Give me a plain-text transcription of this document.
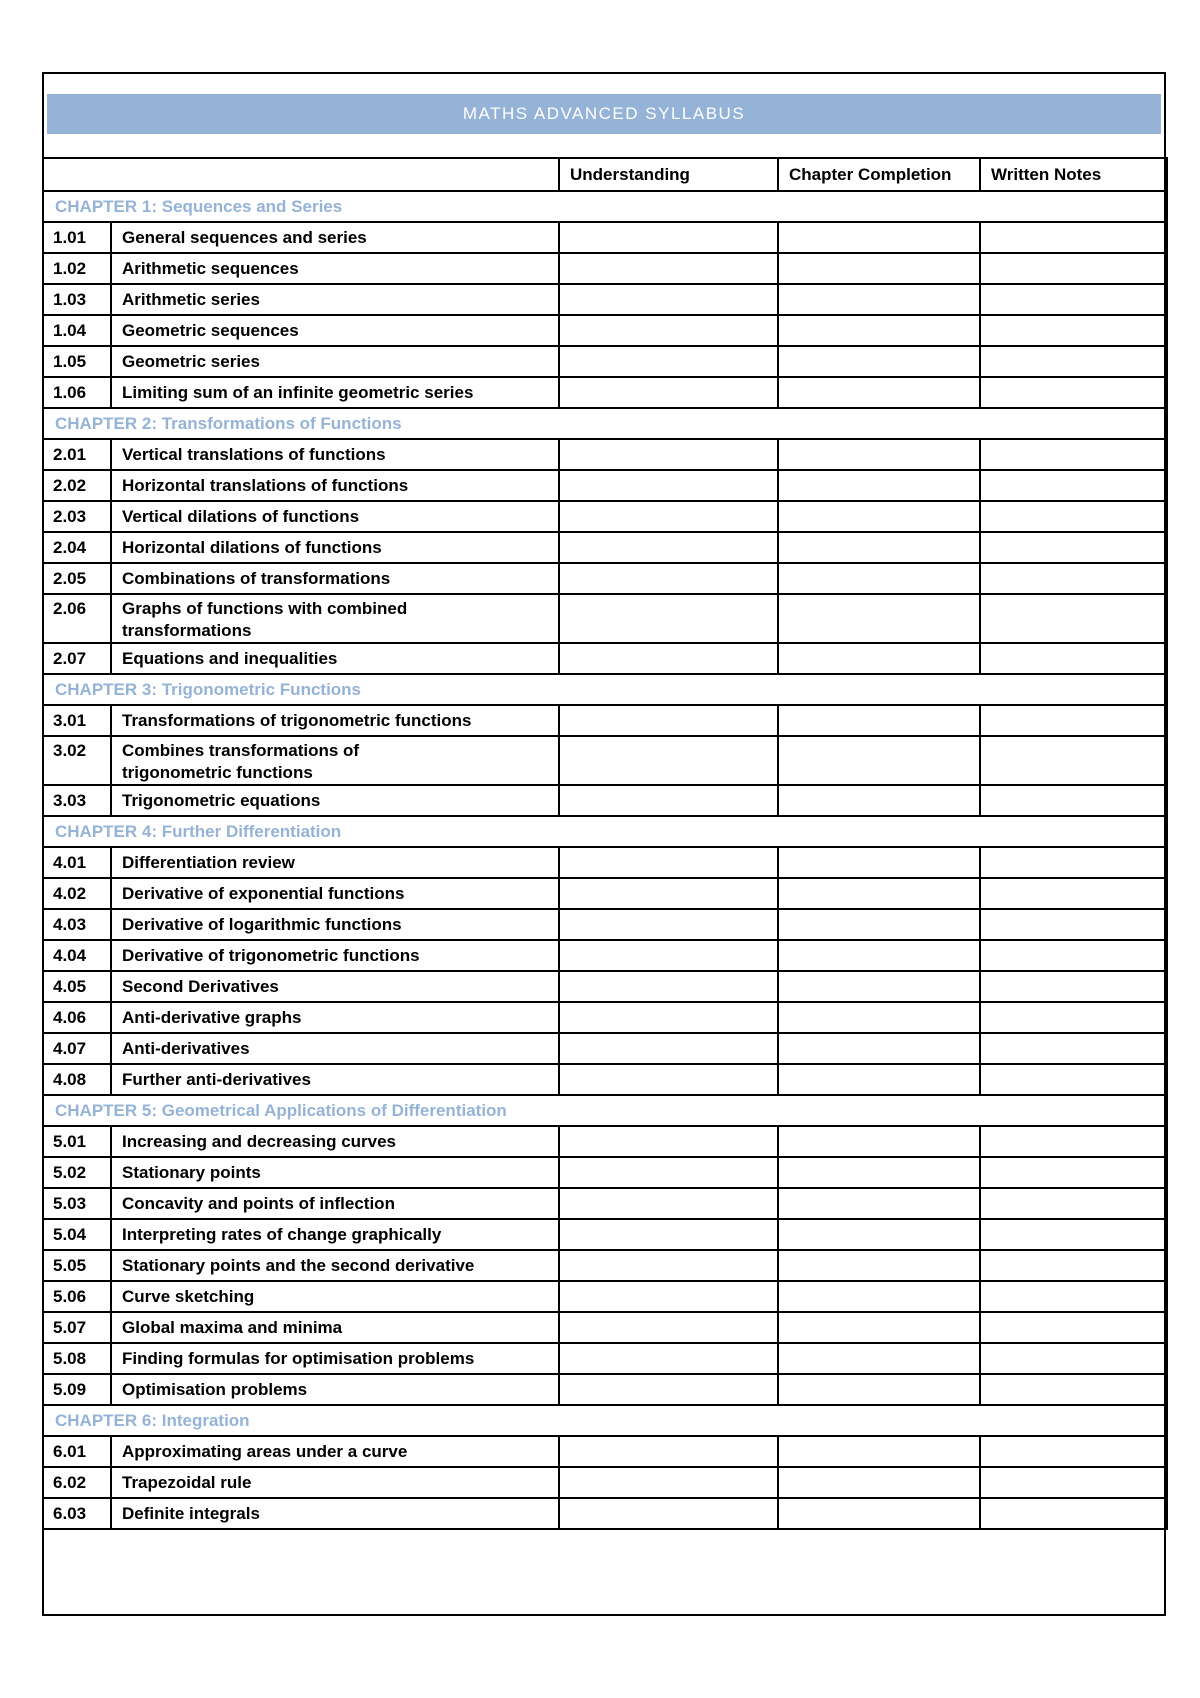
MATHS ADVANCED SYLLABUS
		Understanding	Chapter Completion	Written Notes
CHAPTER 1: Sequences and Series				
1.01	General sequences and series			
1.02	Arithmetic sequences			
1.03	Arithmetic series			
1.04	Geometric sequences			
1.05	Geometric series			
1.06	Limiting sum of an infinite geometric series			
CHAPTER 2: Transformations of Functions				
2.01	Vertical translations of functions			
2.02	Horizontal translations of functions			
2.03	Vertical dilations of functions			
2.04	Horizontal dilations of functions			
2.05	Combinations of transformations			
2.06	Graphs of functions with combined transformations			
2.07	Equations and inequalities			
CHAPTER 3: Trigonometric Functions				
3.01	Transformations of trigonometric functions			
3.02	Combines transformations of trigonometric functions			
3.03	Trigonometric equations			
CHAPTER 4: Further Differentiation				
4.01	Differentiation review			
4.02	Derivative of exponential functions			
4.03	Derivative of logarithmic functions			
4.04	Derivative of trigonometric functions			
4.05	Second Derivatives			
4.06	Anti-derivative graphs			
4.07	Anti-derivatives			
4.08	Further anti-derivatives			
CHAPTER 5: Geometrical Applications of Differentiation				
5.01	Increasing and decreasing curves			
5.02	Stationary points			
5.03	Concavity and points of inflection			
5.04	Interpreting rates of change graphically			
5.05	Stationary points and the second derivative			
5.06	Curve sketching			
5.07	Global maxima and minima			
5.08	Finding formulas for optimisation problems			
5.09	Optimisation problems			
CHAPTER 6: Integration				
6.01	Approximating areas under a curve			
6.02	Trapezoidal rule			
6.03	Definite integrals			
